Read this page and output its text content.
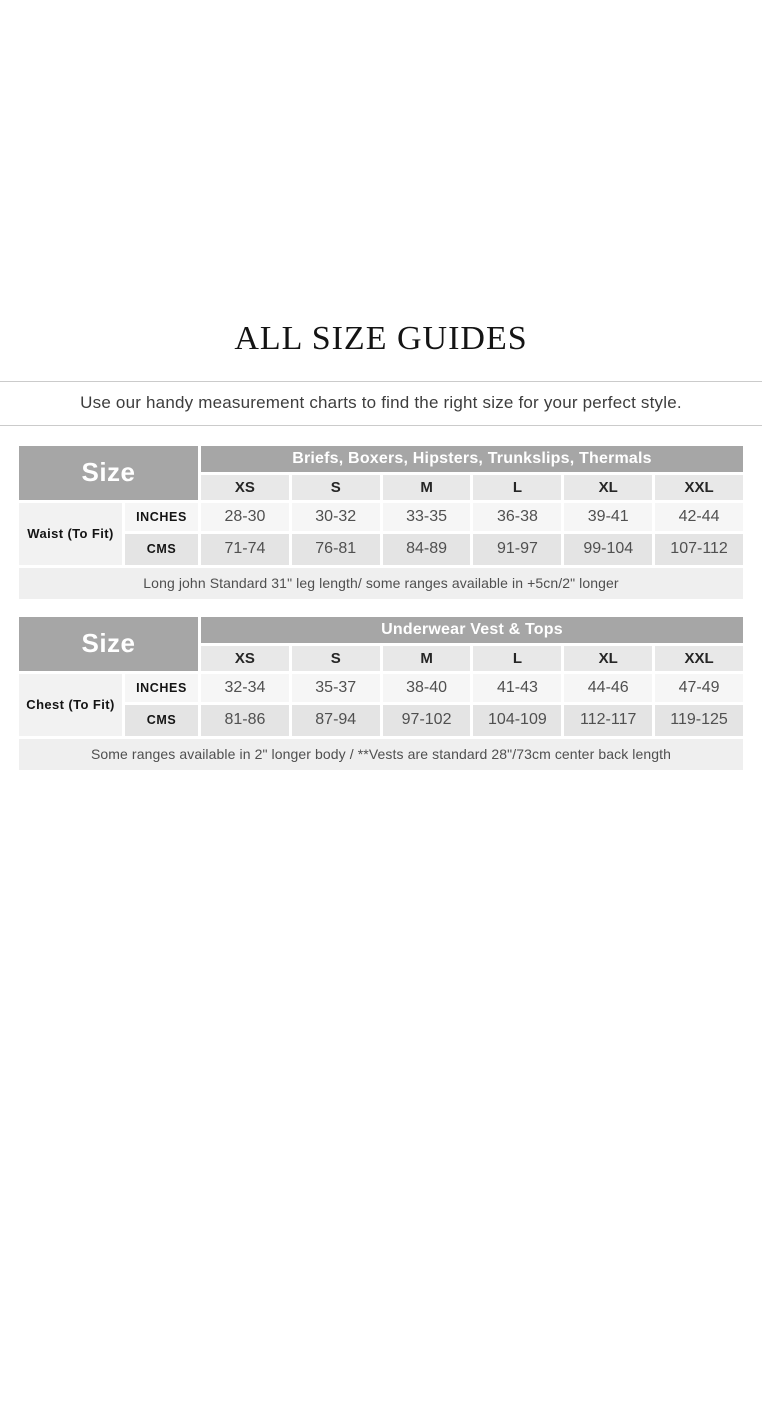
ALL SIZE GUIDES
Use our handy measurement charts to find the right size for your perfect style.
Size		Briefs, Boxers, Hipsters, Trunkslips, Thermals					
		XS	S	M	L	XL	XXL
Waist (To Fit)	INCHES	28-30	30-32	33-35	36-38	39-41	42-44
	CMS	71-74	76-81	84-89	91-97	99-104	107-112
Long john Standard 31" leg length/ some ranges available in +5cn/2" longer							
Size		Underwear Vest & Tops					
		XS	S	M	L	XL	XXL
Chest (To Fit)	INCHES	32-34	35-37	38-40	41-43	44-46	47-49
	CMS	81-86	87-94	97-102	104-109	112-117	119-125
Some ranges available in 2" longer body / **Vests are standard 28"/73cm center back length							
